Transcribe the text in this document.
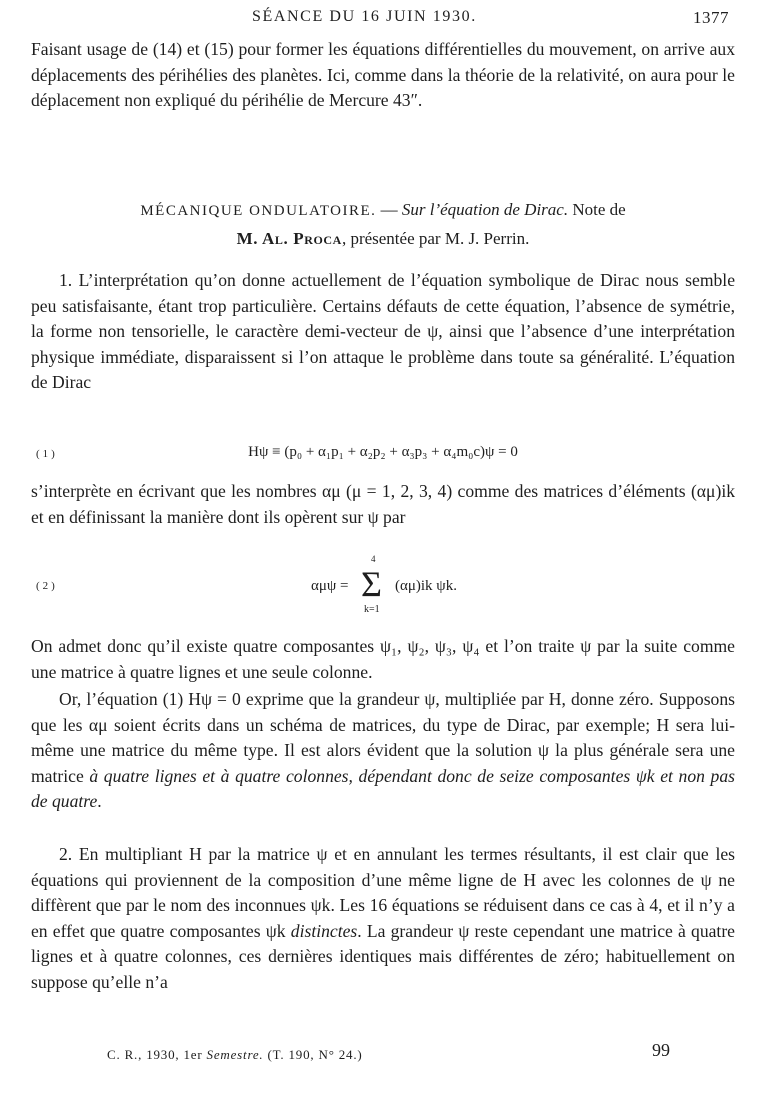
SÉANCE DU 16 JUIN 1930.	1377

Faisant usage de (14) et (15) pour former les équations différentielles du mouvement, on arrive aux déplacements des périhélies des planètes. Ici, comme dans la théorie de la relativité, on aura pour le déplacement non expliqué du périhélie de Mercure 43″.

MÉCANIQUE ONDULATOIRE. — Sur l’équation de Dirac. Note de
M. Al. Proca, présentée par M. J. Perrin.

1. L’interprétation qu’on donne actuellement de l’équation symbolique de Dirac nous semble peu satisfaisante, étant trop particulière. Certains défauts de cette équation, l’absence de symétrie, la forme non tensorielle, le caractère demi-vecteur de ψ, ainsi que l’absence d’une interprétation physique immédiate, disparaissent si l’on attaque le problème dans toute sa généralité. L’équation de Dirac

(1)	Hψ ≡ (p₀ + α₁p₁ + α₂p₂ + α₃p₃ + α₄m₀c)ψ = 0

s’interprète en écrivant que les nombres αμ (μ = 1, 2, 3, 4) comme des matrices d’éléments (αμ)ik et en définissant la manière dont ils opèrent sur ψ par

(2)	αμψ =
4
Σ
k=1
(αμ)ik ψk.

On admet donc qu’il existe quatre composantes ψ₁, ψ₂, ψ₃, ψ₄ et l’on traite ψ par la suite comme une matrice à quatre lignes et une seule colonne.

Or, l’équation (1) Hψ = 0 exprime que la grandeur ψ, multipliée par H, donne zéro. Supposons que les αμ soient écrits dans un schéma de matrices, du type de Dirac, par exemple; H sera lui-même une matrice du même type. Il est alors évident que la solution ψ la plus générale sera une matrice à quatre lignes et à quatre colonnes, dépendant donc de seize composantes ψk et non pas de quatre.

2. En multipliant H par la matrice ψ et en annulant les termes résultants, il est clair que les équations qui proviennent de la composition d’une même ligne de H avec les colonnes de ψ ne diffèrent que par le nom des inconnues ψk. Les 16 équations se réduisent dans ce cas à 4, et il n’y a en effet que quatre composantes ψk distinctes. La grandeur ψ reste cependant une matrice à quatre lignes et à quatre colonnes, ces dernières identiques mais différentes de zéro; habituellement on suppose qu’elle n’a

C. R., 1930, 1er Semestre. (T. 190, N° 24.)	99
